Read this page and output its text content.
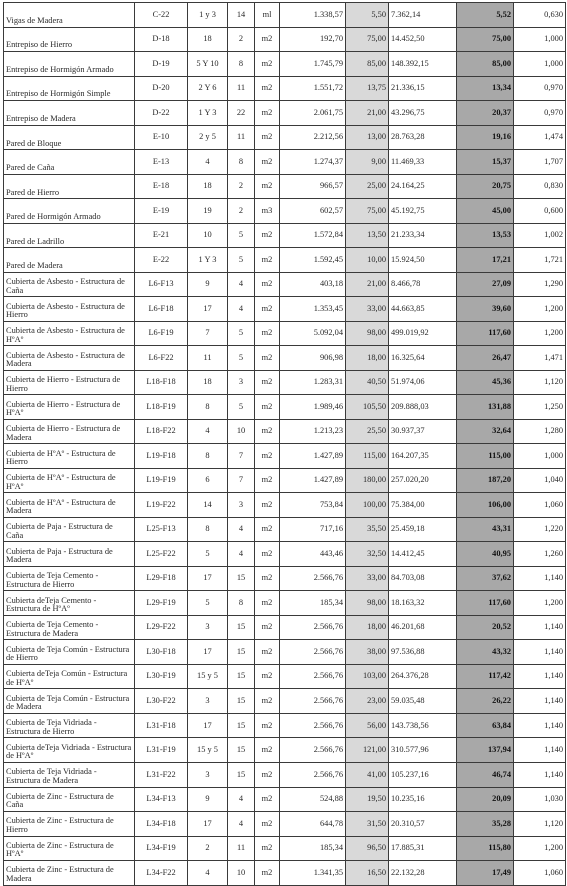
Vigas de Madera	C-22	1 y 3	14	ml	1.338,57	5,50	7.362,14	5,52	0,630
Entrepiso de Hierro	D-18	18	2	m2	192,70	75,00	14.452,50	75,00	1,000
Entrepiso de Hormigón Armado	D-19	5 Y 10	8	m2	1.745,79	85,00	148.392,15	85,00	1,000
Entrepiso de Hormigón Simple	D-20	2 Y 6	11	m2	1.551,72	13,75	21.336,15	13,34	0,970
Entrepiso de Madera	D-22	1 Y 3	22	m2	2.061,75	21,00	43.296,75	20,37	0,970
Pared de Bloque	E-10	2 y 5	11	m2	2.212,56	13,00	28.763,28	19,16	1,474
Pared de Caña	E-13	4	8	m2	1.274,37	9,00	11.469,33	15,37	1,707
Pared de Hierro	E-18	18	2	m2	966,57	25,00	24.164,25	20,75	0,830
Pared de Hormigón Armado	E-19	19	2	m3	602,57	75,00	45.192,75	45,00	0,600
Pared de Ladrillo	E-21	10	5	m2	1.572,84	13,50	21.233,34	13,53	1,002
Pared de Madera	E-22	1 Y 3	5	m2	1.592,45	10,00	15.924,50	17,21	1,721
Cubierta de Asbesto - Estructura de Caña	L6-F13	9	4	m2	403,18	21,00	8.466,78	27,09	1,290
Cubierta de Asbesto - Estructura de Hierro	L6-F18	17	4	m2	1.353,45	33,00	44.663,85	39,60	1,200
Cubierta de Asbesto - Estructura de HºAº	L6-F19	7	5	m2	5.092,04	98,00	499.019,92	117,60	1,200
Cubierta de Asbesto - Estructura de Madera	L6-F22	11	5	m2	906,98	18,00	16.325,64	26,47	1,471
Cubierta de Hierro - Estructura de Hierro	L18-F18	18	3	m2	1.283,31	40,50	51.974,06	45,36	1,120
Cubierta de Hierro - Estructura de HºAº	L18-F19	8	5	m2	1.989,46	105,50	209.888,03	131,88	1,250
Cubierta de Hierro - Estructura de Madera	L18-F22	4	10	m2	1.213,23	25,50	30.937,37	32,64	1,280
Cubierta de HºAº - Estructura de Hierro	L19-F18	8	7	m2	1.427,89	115,00	164.207,35	115,00	1,000
Cubierta de HºAº - Estructura de HºAº	L19-F19	6	7	m2	1.427,89	180,00	257.020,20	187,20	1,040
Cubierta de HºAº - Estructura de Madera	L19-F22	14	3	m2	753,84	100,00	75.384,00	106,00	1,060
Cubierta de Paja - Estructura de Caña	L25-F13	8	4	m2	717,16	35,50	25.459,18	43,31	1,220
Cubierta de Paja - Estructura de Madera	L25-F22	5	4	m2	443,46	32,50	14.412,45	40,95	1,260
Cubierta de Teja Cemento - Estructura de Hierro	L29-F18	17	15	m2	2.566,76	33,00	84.703,08	37,62	1,140
Cubierta deTeja Cemento - Estructura de HºAº	L29-F19	5	8	m2	185,34	98,00	18.163,32	117,60	1,200
Cubierta de Teja Cemento - Estructura de Madera	L29-F22	3	15	m2	2.566,76	18,00	46.201,68	20,52	1,140
Cubierta de Teja Común - Estructura de Hierro	L30-F18	17	15	m2	2.566,76	38,00	97.536,88	43,32	1,140
Cubierta deTeja Común - Estructura de HºAº	L30-F19	15 y 5	15	m2	2.566,76	103,00	264.376,28	117,42	1,140
Cubierta de Teja Común - Estructura de Madera	L30-F22	3	15	m2	2.566,76	23,00	59.035,48	26,22	1,140
Cubierta de Teja Vidriada - Estructura de Hierro	L31-F18	17	15	m2	2.566,76	56,00	143.738,56	63,84	1,140
Cubierta deTeja Vidriada - Estructura de HºAº	L31-F19	15 y 5	15	m2	2.566,76	121,00	310.577,96	137,94	1,140
Cubierta de Teja Vidriada - Estructura de Madera	L31-F22	3	15	m2	2.566,76	41,00	105.237,16	46,74	1,140
Cubierta de Zinc - Estructura de Caña	L34-F13	9	4	m2	524,88	19,50	10.235,16	20,09	1,030
Cubierta de Zinc - Estructura de Hierro	L34-F18	17	4	m2	644,78	31,50	20.310,57	35,28	1,120
Cubierta de Zinc - Estructura de HºAº	L34-F19	2	11	m2	185,34	96,50	17.885,31	115,80	1,200
Cubierta de Zinc - Estructura de Madera	L34-F22	4	10	m2	1.341,35	16,50	22.132,28	17,49	1,060
